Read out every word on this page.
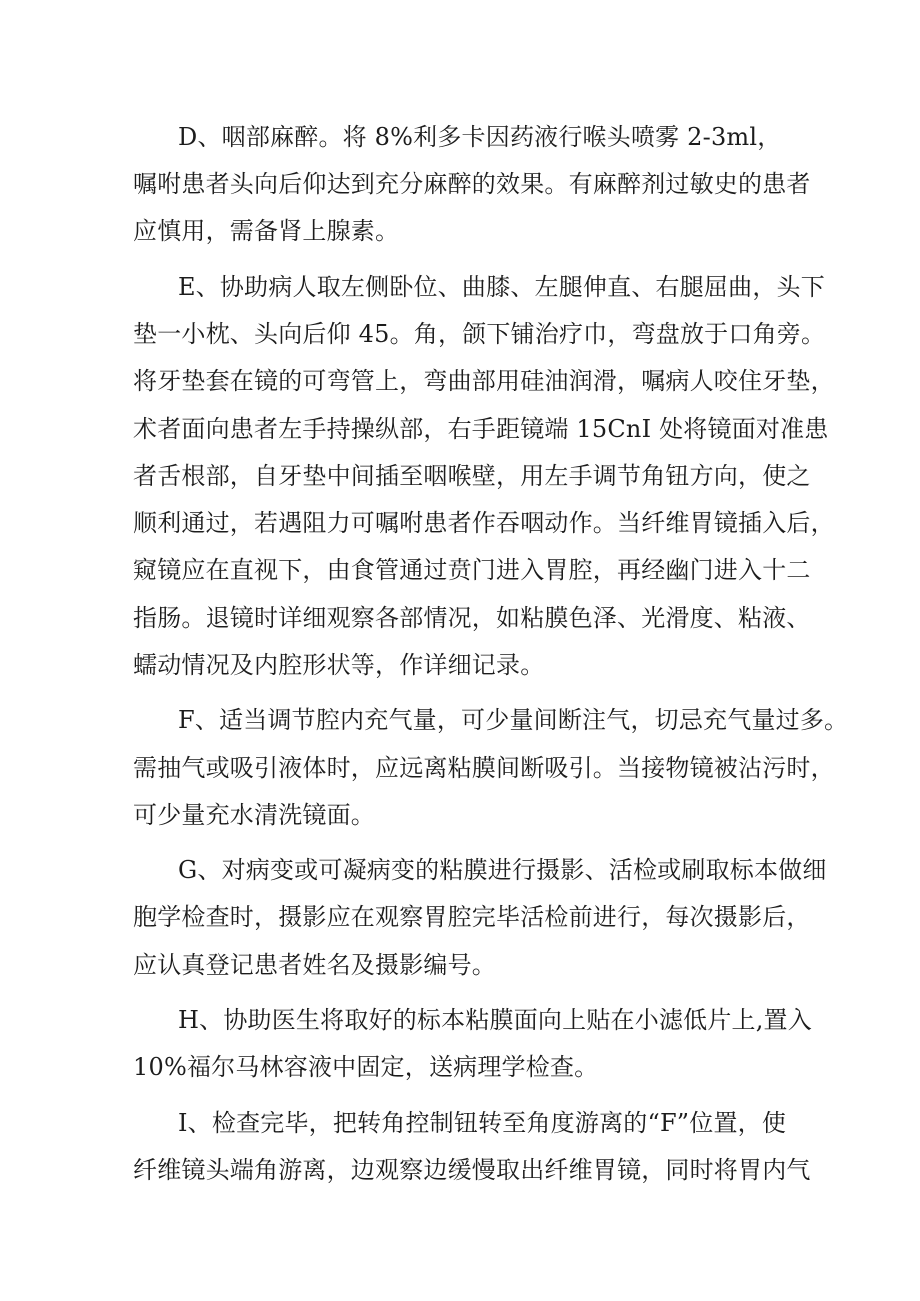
D、咽部麻醉。将 8%利多卡因药液行喉头喷雾 2-3ml，
嘱咐患者头向后仰达到充分麻醉的效果。有麻醉剂过敏史的患者
应慎用，需备肾上腺素。
E、协助病人取左侧卧位、曲膝、左腿伸直、右腿屈曲，头下
垫一小枕、头向后仰 45。角，颌下铺治疗巾，弯盘放于口角旁。
将牙垫套在镜的可弯管上，弯曲部用硅油润滑，嘱病人咬住牙垫，
术者面向患者左手持操纵部，右手距镜端 15CnI 处将镜面对准患
者舌根部，自牙垫中间插至咽喉壁，用左手调节角钮方向，使之
顺利通过，若遇阻力可嘱咐患者作吞咽动作。当纤维胃镜插入后，
窥镜应在直视下，由食管通过贲门进入胃腔，再经幽门进入十二
指肠。退镜时详细观察各部情况，如粘膜色泽、光滑度、粘液、
蠕动情况及内腔形状等，作详细记录。
F、适当调节腔内充气量，可少量间断注气，切忌充气量过多。
需抽气或吸引液体时，应远离粘膜间断吸引。当接物镜被沾污时，
可少量充水清洗镜面。
G、对病变或可凝病变的粘膜进行摄影、活检或刷取标本做细
胞学检查时，摄影应在观察胃腔完毕活检前进行，每次摄影后，
应认真登记患者姓名及摄影编号。
H、协助医生将取好的标本粘膜面向上贴在小滤低片上,置入
10%福尔马林容液中固定，送病理学检查。
I、检查完毕，把转角控制钮转至角度游离的“F”位置，使
纤维镜头端角游离，边观察边缓慢取出纤维胃镜，同时将胃内气
